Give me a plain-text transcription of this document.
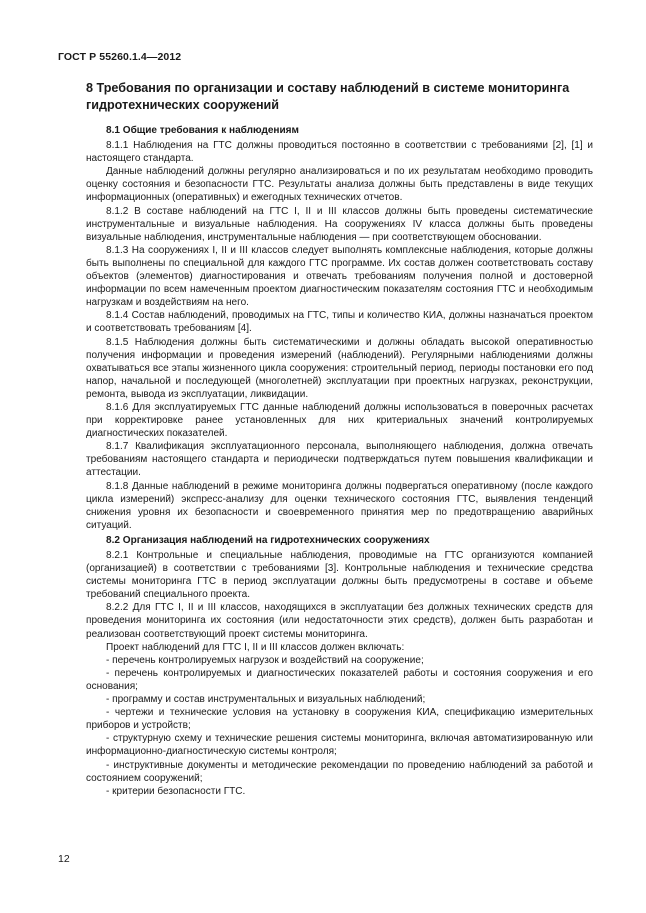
ГОСТ Р 55260.1.4—2012
8 Требования по организации и составу наблюдений в системе мониторинга гидротехнических сооружений
8.1 Общие требования к наблюдениям

8.1.1 Наблюдения на ГТС должны проводиться постоянно в соответствии с требованиями [2], [1] и настоящего стандарта.

Данные наблюдений должны регулярно анализироваться и по их результатам необходимо проводить оценку состояния и безопасности ГТС. Результаты анализа должны быть представлены в виде текущих информационных (оперативных) и ежегодных технических отчетов.

8.1.2 В составе наблюдений на ГТС I, II и III классов должны быть проведены систематические инструментальные и визуальные наблюдения. На сооружениях IV класса должны быть проведены визуальные наблюдения, инструментальные наблюдения — при соответствующем обосновании.

8.1.3 На сооружениях I, II и III классов следует выполнять комплексные наблюдения, которые должны быть выполнены по специальной для каждого ГТС программе. Их состав должен соответствовать составу объектов (элементов) диагностирования и отвечать требованиям получения полной и достоверной информации по всем намеченным проектом диагностическим показателям состояния ГТС и необходимым нагрузкам и воздействиям на него.

8.1.4 Состав наблюдений, проводимых на ГТС, типы и количество КИА, должны назначаться проектом и соответствовать требованиям [4].

8.1.5 Наблюдения должны быть систематическими и должны обладать высокой оперативностью получения информации и проведения измерений (наблюдений). Регулярными наблюдениями должны охватываться все этапы жизненного цикла сооружения: строительный период, периоды постановки его под напор, начальной и последующей (многолетней) эксплуатации при проектных нагрузках, реконструкции, ремонта, вывода из эксплуатации, ликвидации.

8.1.6 Для эксплуатируемых ГТС данные наблюдений должны использоваться в поверочных расчетах при корректировке ранее установленных для них критериальных значений контролируемых диагностических показателей.

8.1.7 Квалификация эксплуатационного персонала, выполняющего наблюдения, должна отвечать требованиям настоящего стандарта и периодически подтверждаться путем повышения квалификации и аттестации.

8.1.8 Данные наблюдений в режиме мониторинга должны подвергаться оперативному (после каждого цикла измерений) экспресс-анализу для оценки технического состояния ГТС, выявления тенденций снижения уровня их безопасности и своевременного принятия мер по предотвращению аварийных ситуаций.

8.2 Организация наблюдений на гидротехнических сооружениях

8.2.1 Контрольные и специальные наблюдения, проводимые на ГТС организуются компанией (организацией) в соответствии с требованиями [3]. Контрольные наблюдения и технические средства системы мониторинга ГТС в период эксплуатации должны быть предусмотрены в составе и объеме требований специального проекта.

8.2.2 Для ГТС I, II и III классов, находящихся в эксплуатации без должных технических средств для проведения мониторинга их состояния (или недостаточности этих средств), должен быть разработан и реализован соответствующий проект системы мониторинга.

Проект наблюдений для ГТС I, II и III классов должен включать:

- перечень контролируемых нагрузок и воздействий на сооружение;

- перечень контролируемых и диагностических показателей работы и состояния сооружения и его основания;

- программу и состав инструментальных и визуальных наблюдений;

- чертежи и технические условия на установку в сооружения КИА, спецификацию измерительных приборов и устройств;

- структурную схему и технические решения системы мониторинга, включая автоматизированную или информационно-диагностическую системы контроля;

- инструктивные документы и методические рекомендации по проведению наблюдений за работой и состоянием сооружений;

- критерии безопасности ГТС.

12
